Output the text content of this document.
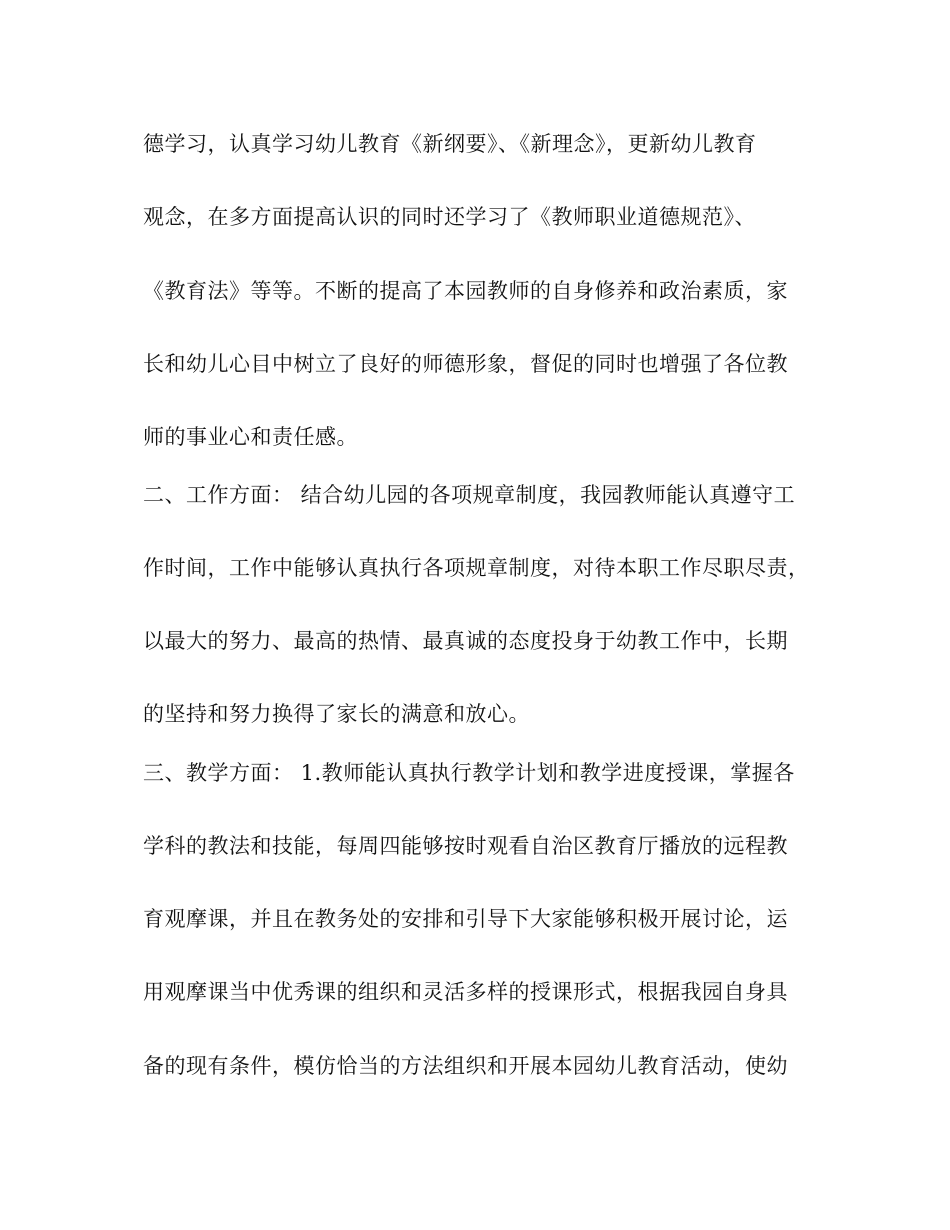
德学习，认真学习幼儿教育《新纲要》、《新理念》，更新幼儿教育

观念，在多方面提高认识的同时还学习了《教师职业道德规范》、

《教育法》等等。不断的提高了本园教师的自身修养和政治素质，家

长和幼儿心目中树立了良好的师德形象，督促的同时也增强了各位教

师的事业心和责任感。

二、工作方面： 结合幼儿园的各项规章制度，我园教师能认真遵守工

作时间，工作中能够认真执行各项规章制度，对待本职工作尽职尽责，

以最大的努力、最高的热情、最真诚的态度投身于幼教工作中，长期

的坚持和努力换得了家长的满意和放心。

三、教学方面： 1.教师能认真执行教学计划和教学进度授课，掌握各

学科的教法和技能，每周四能够按时观看自治区教育厅播放的远程教

育观摩课，并且在教务处的安排和引导下大家能够积极开展讨论，运

用观摩课当中优秀课的组织和灵活多样的授课形式，根据我园自身具

备的现有条件，模仿恰当的方法组织和开展本园幼儿教育活动，使幼
